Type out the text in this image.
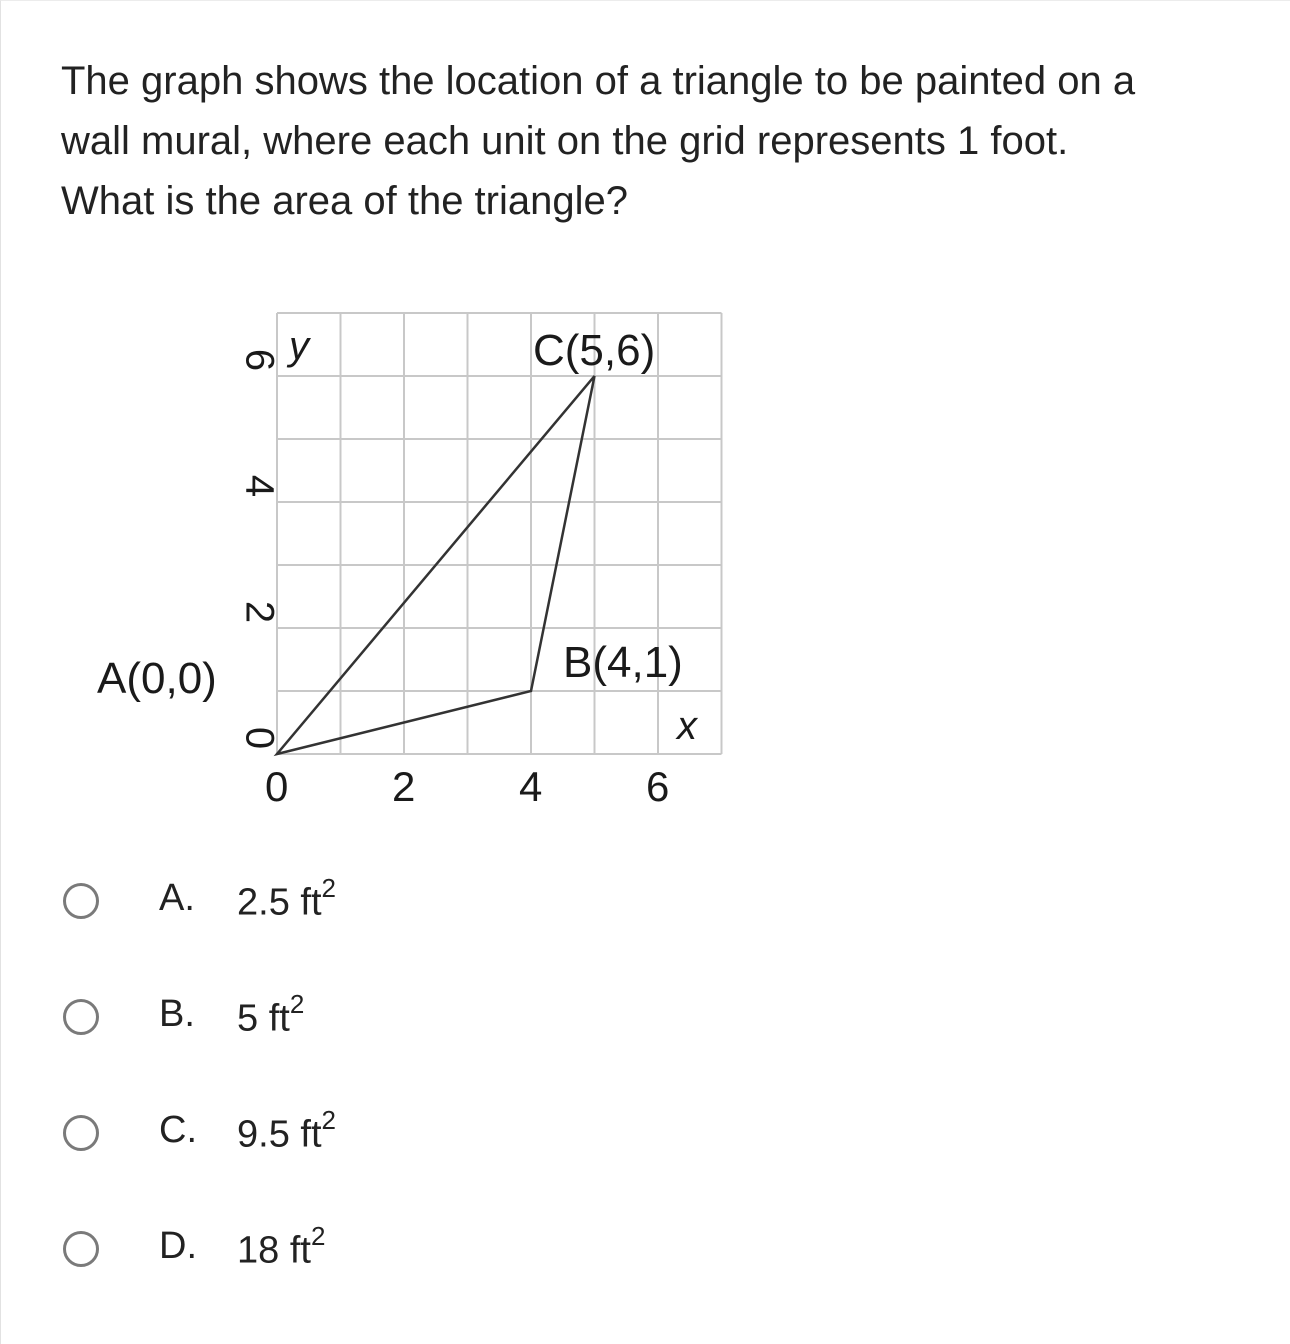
The graph shows the location of a triangle to be painted on a
wall mural, where each unit on the grid represents 1 foot.
What is the area of the triangle?
0 2 4 6
0
2
4
6 y
x
A(0,0)	B(4,1)
C(5,6)
A. 2.5 $ft^2$
B. 5 $ft^2$
C. 9.5 $ft^2$
D. 18 $ft^2$
